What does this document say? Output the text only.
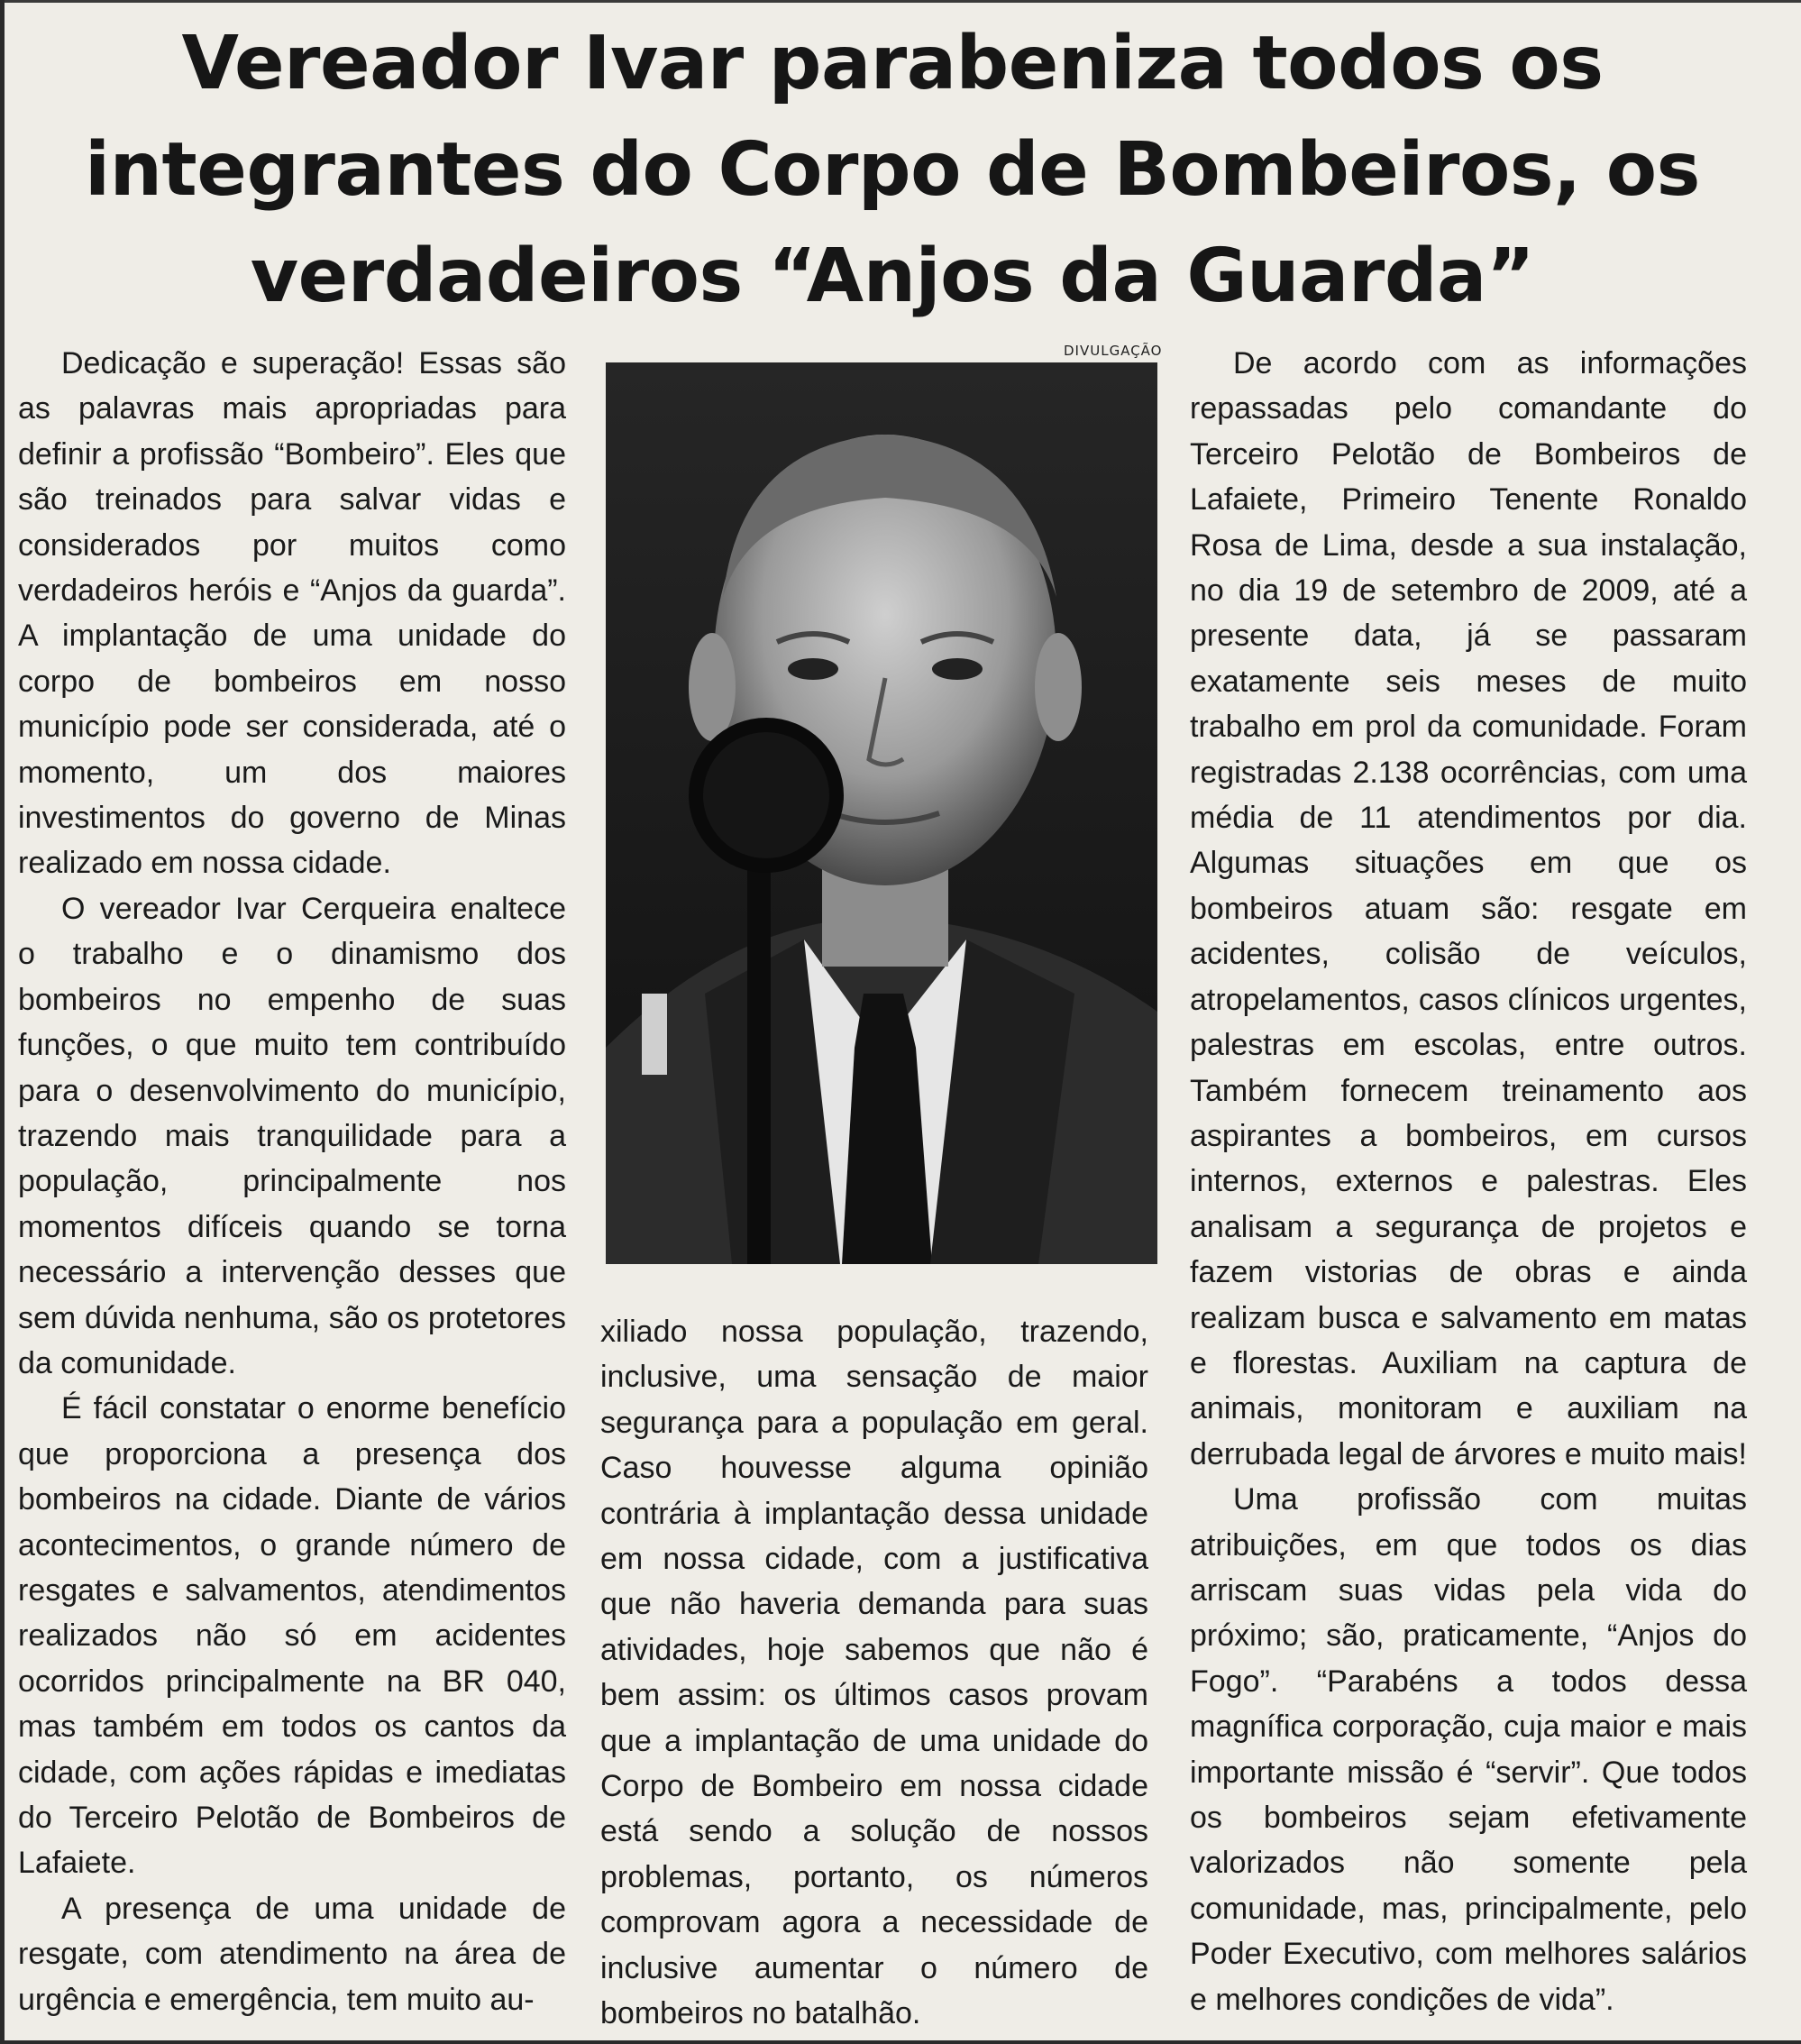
Vereador Ivar parabeniza todos os
integrantes do Corpo de Bombeiros, os
verdadeiros “Anjos da Guarda”

Dedicação e superação! Essas são as palavras mais apropriadas para definir a profissão “Bombeiro”. Eles que são treinados para salvar vidas e considerados por muitos como verdadeiros heróis e “Anjos da guarda”. A implantação de uma unidade do corpo de bombeiros em nosso município pode ser considerada, até o momento, um dos maiores investimentos do governo de Minas realizado em nossa cidade.

O vereador Ivar Cerqueira enaltece o trabalho e o dinamismo dos bombeiros no empenho de suas funções, o que muito tem contribuído para o desenvolvimento do município, trazendo mais tranquilidade para a população, principalmente nos momentos difíceis quando se torna necessário a intervenção desses que sem dúvida nenhuma, são os protetores da comunidade.

É fácil constatar o enorme benefício que proporciona a presença dos bombeiros na cidade. Diante de vários acontecimentos, o grande número de resgates e salvamentos, atendimentos realizados não só em acidentes ocorridos principalmente na BR 040, mas também em todos os cantos da cidade, com ações rápidas e imediatas do Terceiro Pelotão de Bombeiros de Lafaiete.

A presença de uma unidade de resgate, com atendimento na área de urgência e emergência, tem muito au-

DIVULGAÇÃO

xiliado nossa população, trazendo, inclusive, uma sensação de maior segurança para a população em geral. Caso houvesse alguma opinião contrária à implantação dessa unidade em nossa cidade, com a justificativa que não haveria demanda para suas atividades, hoje sabemos que não é bem assim: os últimos casos provam que a implantação de uma unidade do Corpo de Bombeiro em nossa cidade está sendo a solução de nossos problemas, portanto, os números comprovam agora a necessidade de inclusive aumentar o número de bombeiros no batalhão.

De acordo com as informações repassadas pelo comandante do Terceiro Pelotão de Bombeiros de Lafaiete, Primeiro Tenente Ronaldo Rosa de Lima, desde a sua instalação, no dia 19 de setembro de 2009, até a presente data, já se passaram exatamente seis meses de muito trabalho em prol da comunidade. Foram registradas 2.138 ocorrências, com uma média de 11 atendimentos por dia. Algumas situações em que os bombeiros atuam são: resgate em acidentes, colisão de veículos, atropelamentos, casos clínicos urgentes, palestras em escolas, entre outros. Também fornecem treinamento aos aspirantes a bombeiros, em cursos internos, externos e palestras. Eles analisam a segurança de projetos e fazem vistorias de obras e ainda realizam busca e salvamento em matas e florestas. Auxiliam na captura de animais, monitoram e auxiliam na derrubada legal de árvores e muito mais!

Uma profissão com muitas atribuições, em que todos os dias arriscam suas vidas pela vida do próximo; são, praticamente, “Anjos do Fogo”. “Parabéns a todos dessa magnífica corporação, cuja maior e mais importante missão é “servir”. Que todos os bombeiros sejam efetivamente valorizados não somente pela comunidade, mas, principalmente, pelo Poder Executivo, com melhores salários e melhores condições de vida”.
